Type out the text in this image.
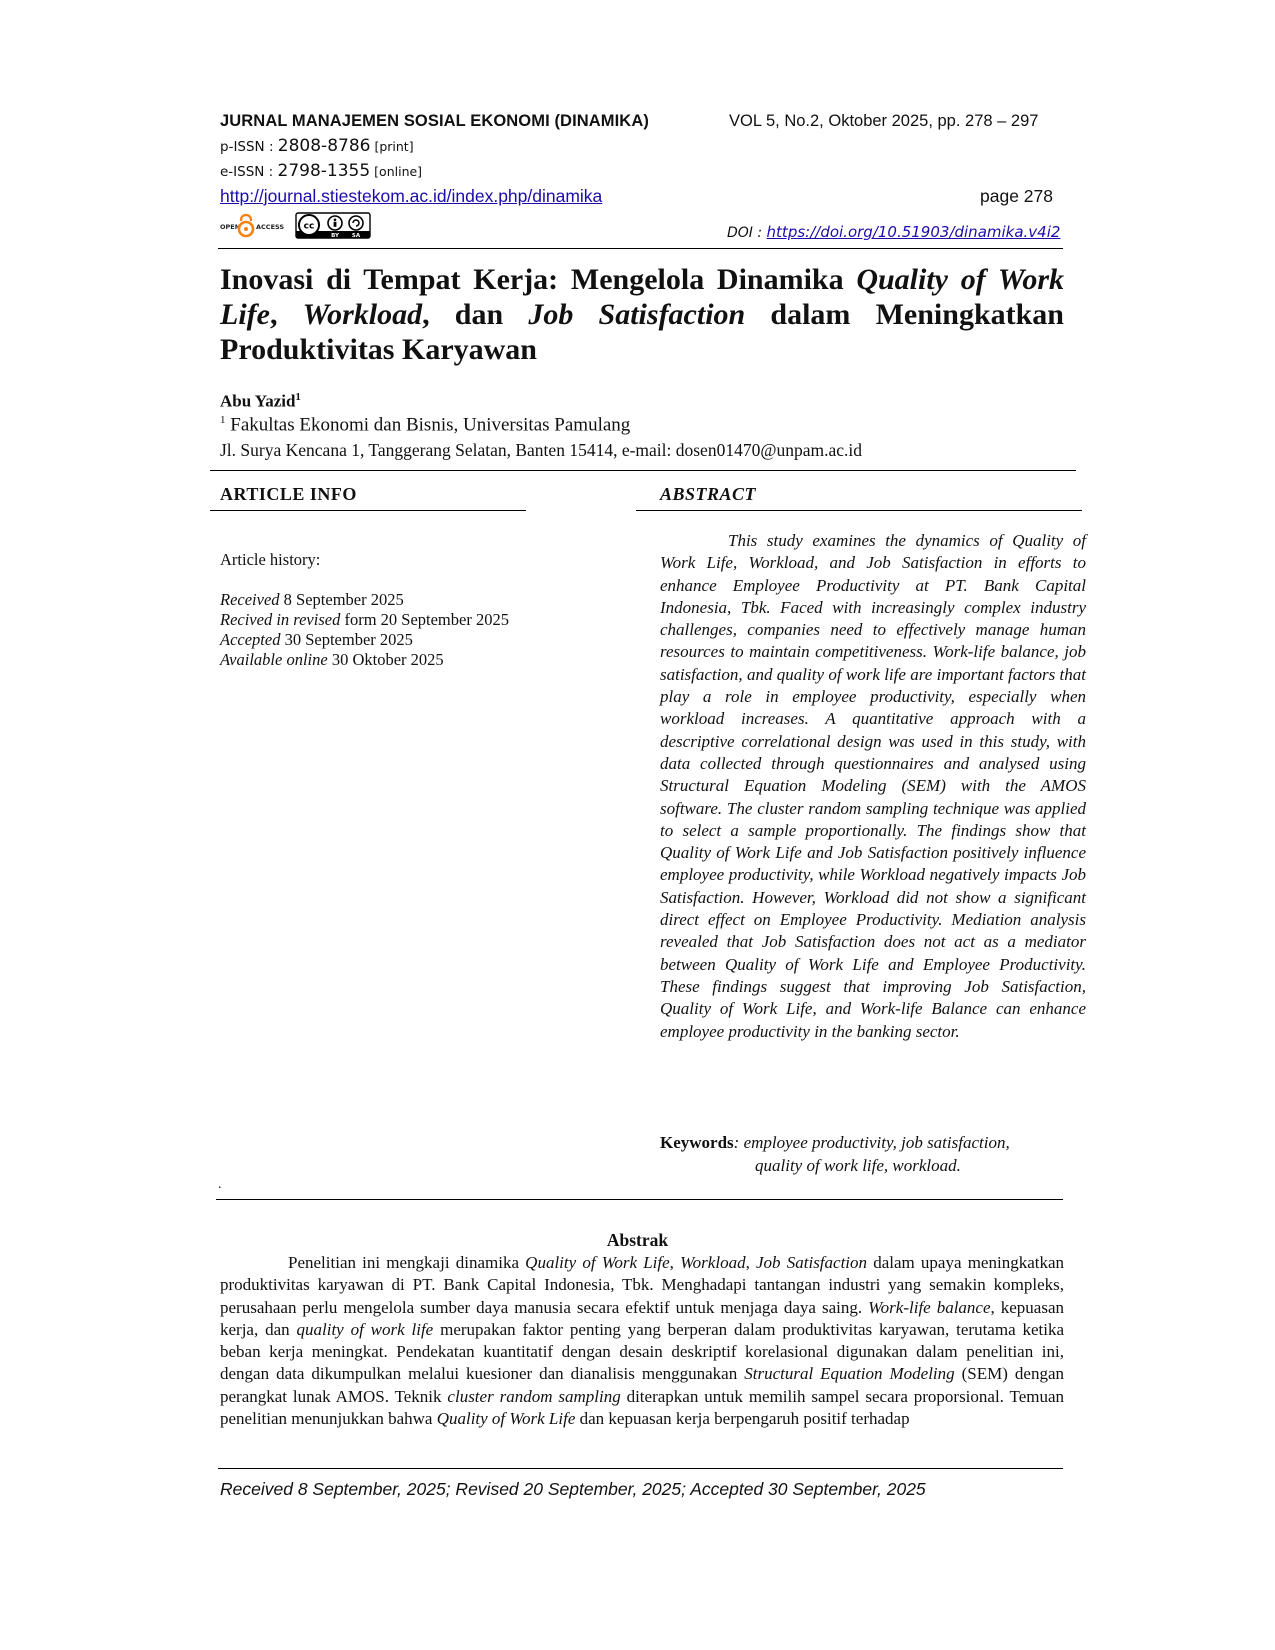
JURNAL MANAJEMEN SOSIAL EKONOMI (DINAMIKA)	VOL 5, No.2, Oktober 2025, pp. 278 – 297
p-ISSN : 2808-8786 [print]
e-ISSN : 2798-1355 [online]
http://journal.stiestekom.ac.id/index.php/dinamika	page 278
OPEN ACCESS cc
BY SA	DOI : https://doi.org/10.51903/dinamika.v4i2
Inovasi di Tempat Kerja: Mengelola Dinamika Quality of Work
Life, Workload, dan Job Satisfaction dalam Meningkatkan
Produktivitas Karyawan
Abu Yazid$^1$
$^1$ Fakultas Ekonomi dan Bisnis, Universitas Pamulang
Jl. Surya Kencana 1, Tanggerang Selatan, Banten 15414, e-mail: dosen01470@unpam.ac.id
ARTICLE INFO
Article history:
Received 8 September 2025
Recived in revised form 20 September 2025
Accepted 30 September 2025
Available online 30 Oktober 2025
ABSTRACT

This study examines the dynamics of Quality of Work Life, Workload, and Job Satisfaction in efforts to enhance Employee Productivity at PT. Bank Capital Indonesia, Tbk. Faced with increasingly complex industry challenges, companies need to effectively manage human resources to maintain competitiveness. Work-life balance, job satisfaction, and quality of work life are important factors that play a role in employee productivity, especially when workload increases. A quantitative approach with a descriptive correlational design was used in this study, with data collected through questionnaires and analysed using Structural Equation Modeling (SEM) with the AMOS software. The cluster random sampling technique was applied to select a sample proportionally. The findings show that Quality of Work Life and Job Satisfaction positively influence employee productivity, while Workload negatively impacts Job Satisfaction. However, Workload did not show a significant direct effect on Employee Productivity. Mediation analysis revealed that Job Satisfaction does not act as a mediator between Quality of Work Life and Employee Productivity. These findings suggest that improving Job Satisfaction, Quality of Work Life, and Work-life Balance can enhance employee productivity in the banking sector.

Keywords: employee productivity, job satisfaction,
quality of work life, workload.
.
Abstrak

Penelitian ini mengkaji dinamika Quality of Work Life, Workload, Job Satisfaction dalam upaya meningkatkan produktivitas karyawan di PT. Bank Capital Indonesia, Tbk. Menghadapi tantangan industri yang semakin kompleks, perusahaan perlu mengelola sumber daya manusia secara efektif untuk menjaga daya saing. Work-life balance, kepuasan kerja, dan quality of work life merupakan faktor penting yang berperan dalam produktivitas karyawan, terutama ketika beban kerja meningkat. Pendekatan kuantitatif dengan desain deskriptif korelasional digunakan dalam penelitian ini, dengan data dikumpulkan melalui kuesioner dan dianalisis menggunakan Structural Equation Modeling (SEM) dengan perangkat lunak AMOS. Teknik cluster random sampling diterapkan untuk memilih sampel secara proporsional. Temuan penelitian menunjukkan bahwa Quality of Work Life dan kepuasan kerja berpengaruh positif terhadap

Received 8 September, 2025; Revised 20 September, 2025; Accepted 30 September, 2025
